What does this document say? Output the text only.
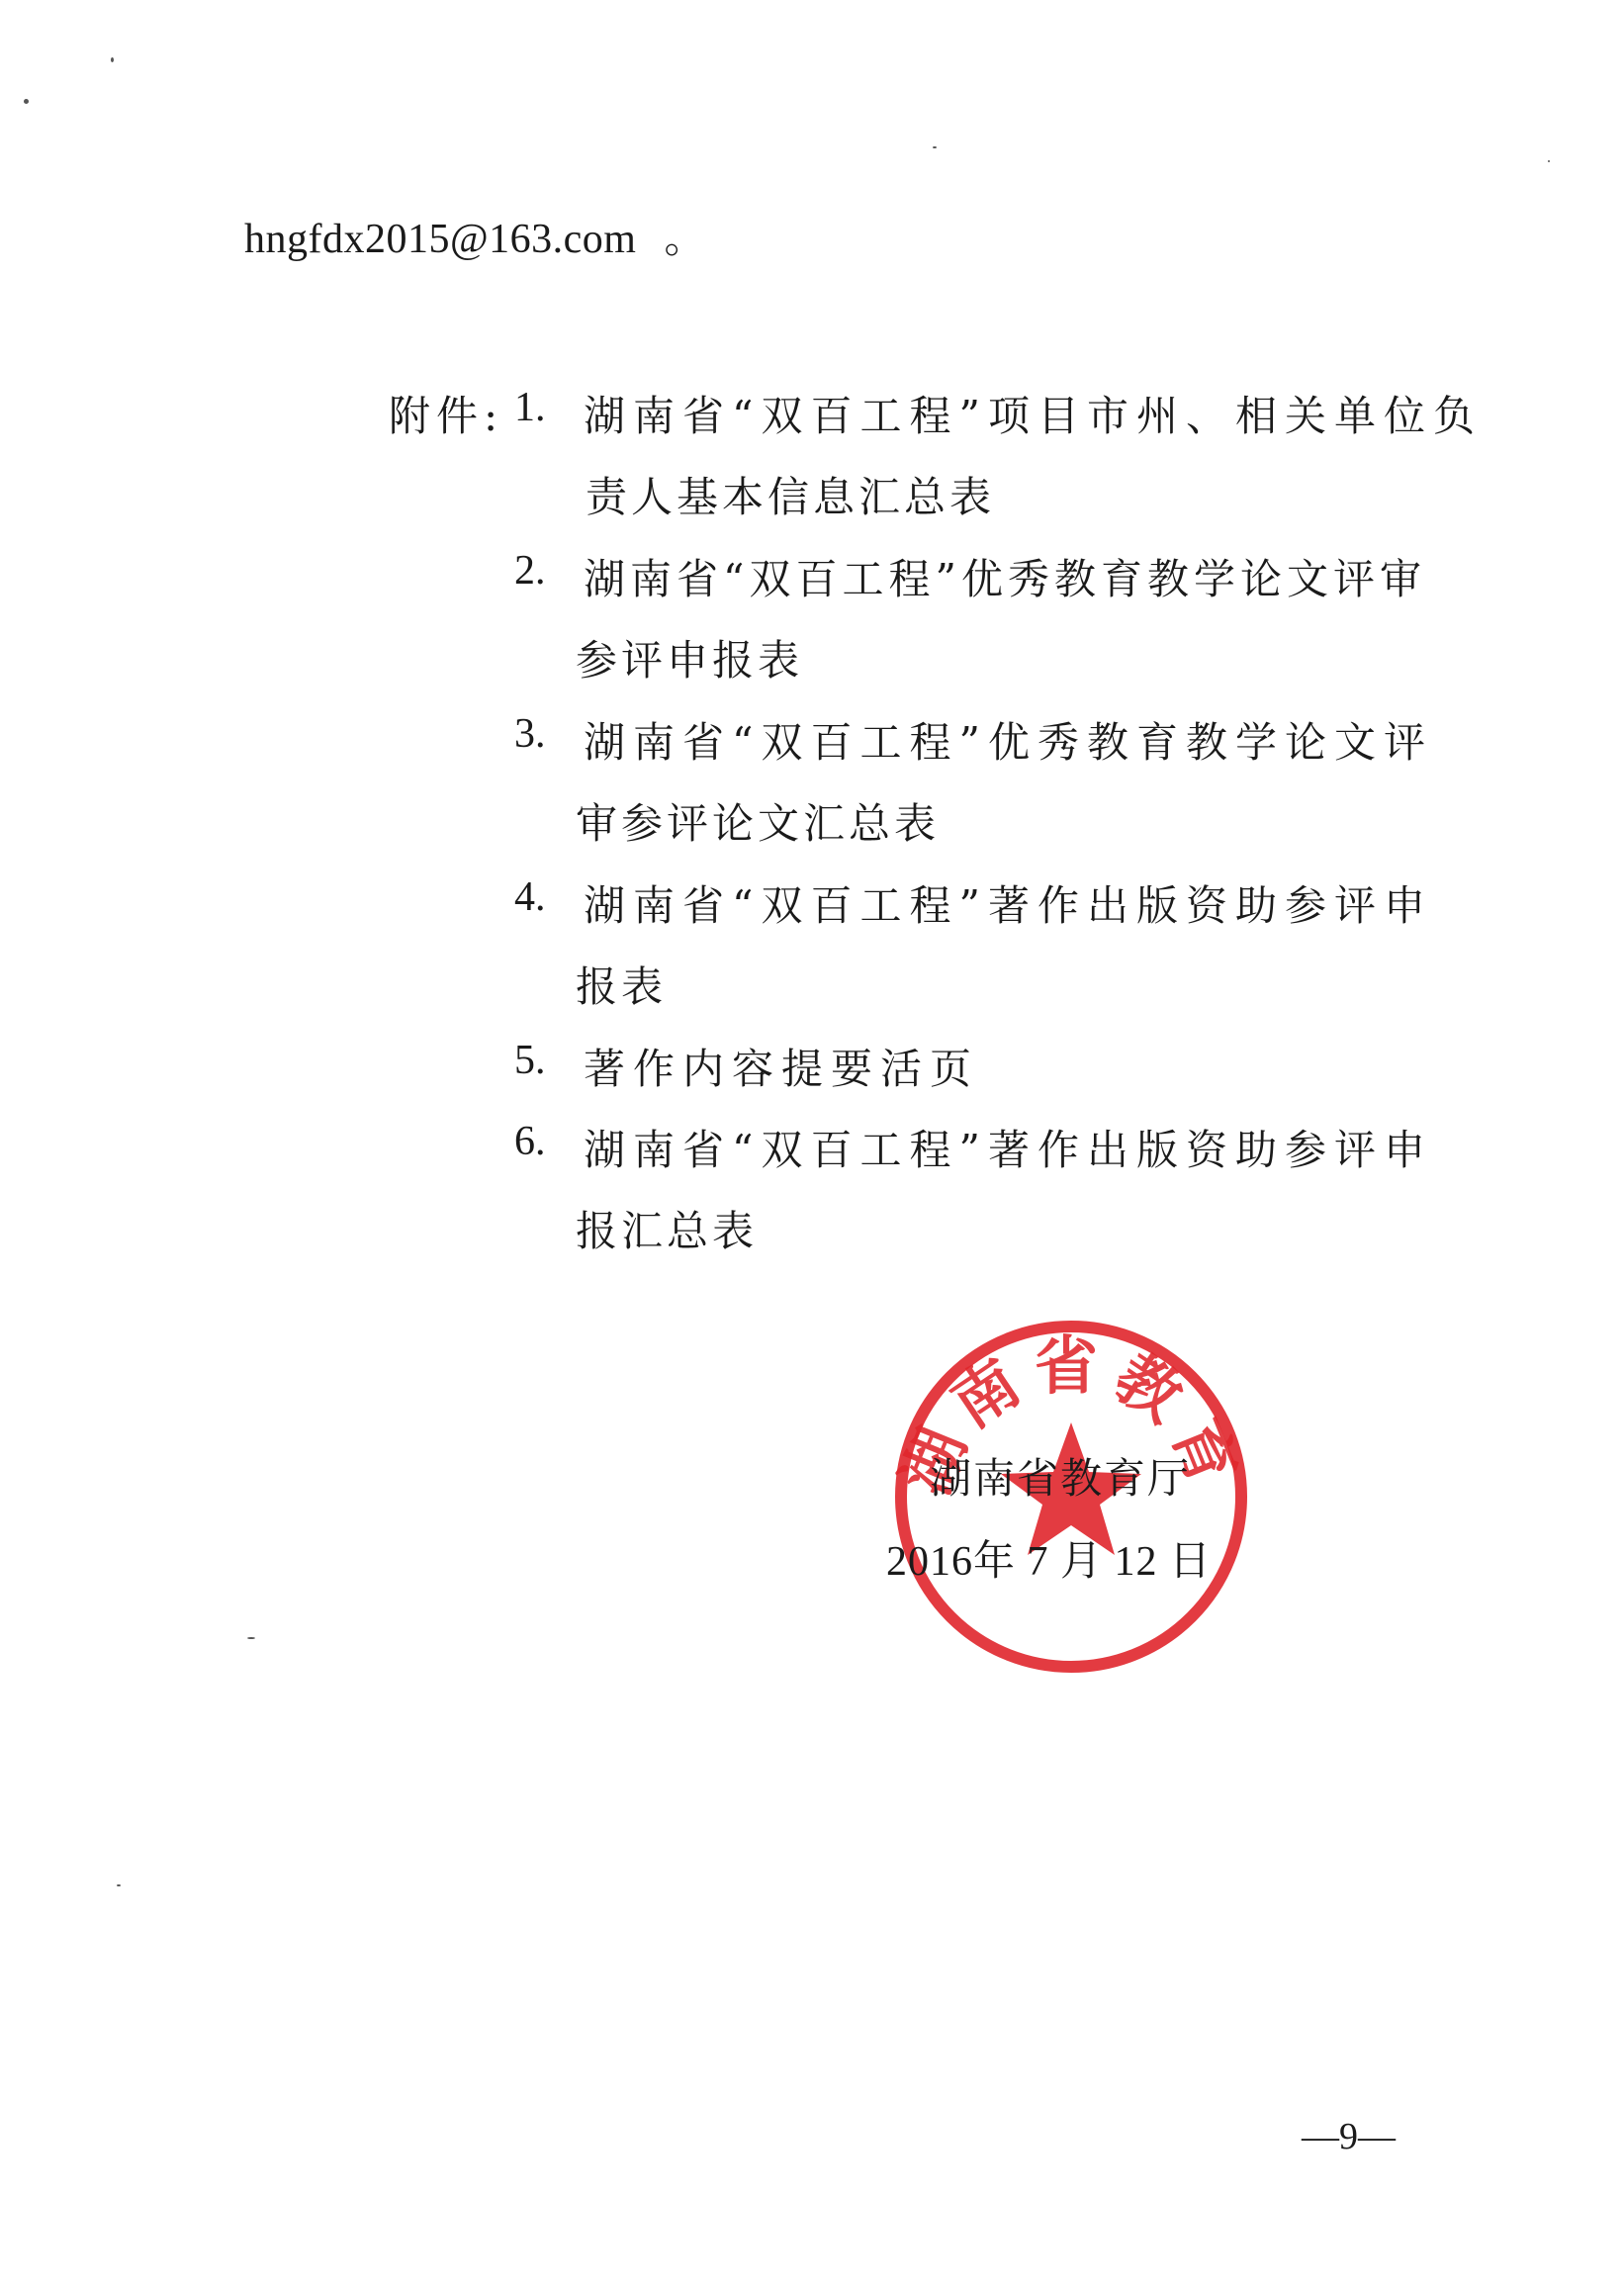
hngfdx2015@163.com 。
附件: 1. 湖南省“双百工程”项目市州、相关单位负
责人基本信息汇总表
2. 湖南省“双百工程”优秀教育教学论文评审
参评申报表
3. 湖南省“双百工程”优秀教育教学论文评
审参评论文汇总表
4. 湖南省“双百工程”著作出版资助参评申
报表
5. 著作内容提要活页
6. 湖南省“双百工程”著作出版资助参评申
报汇总表
湖南省教育
湖南省教育厅
2016年 7 月 12 日
—9—
